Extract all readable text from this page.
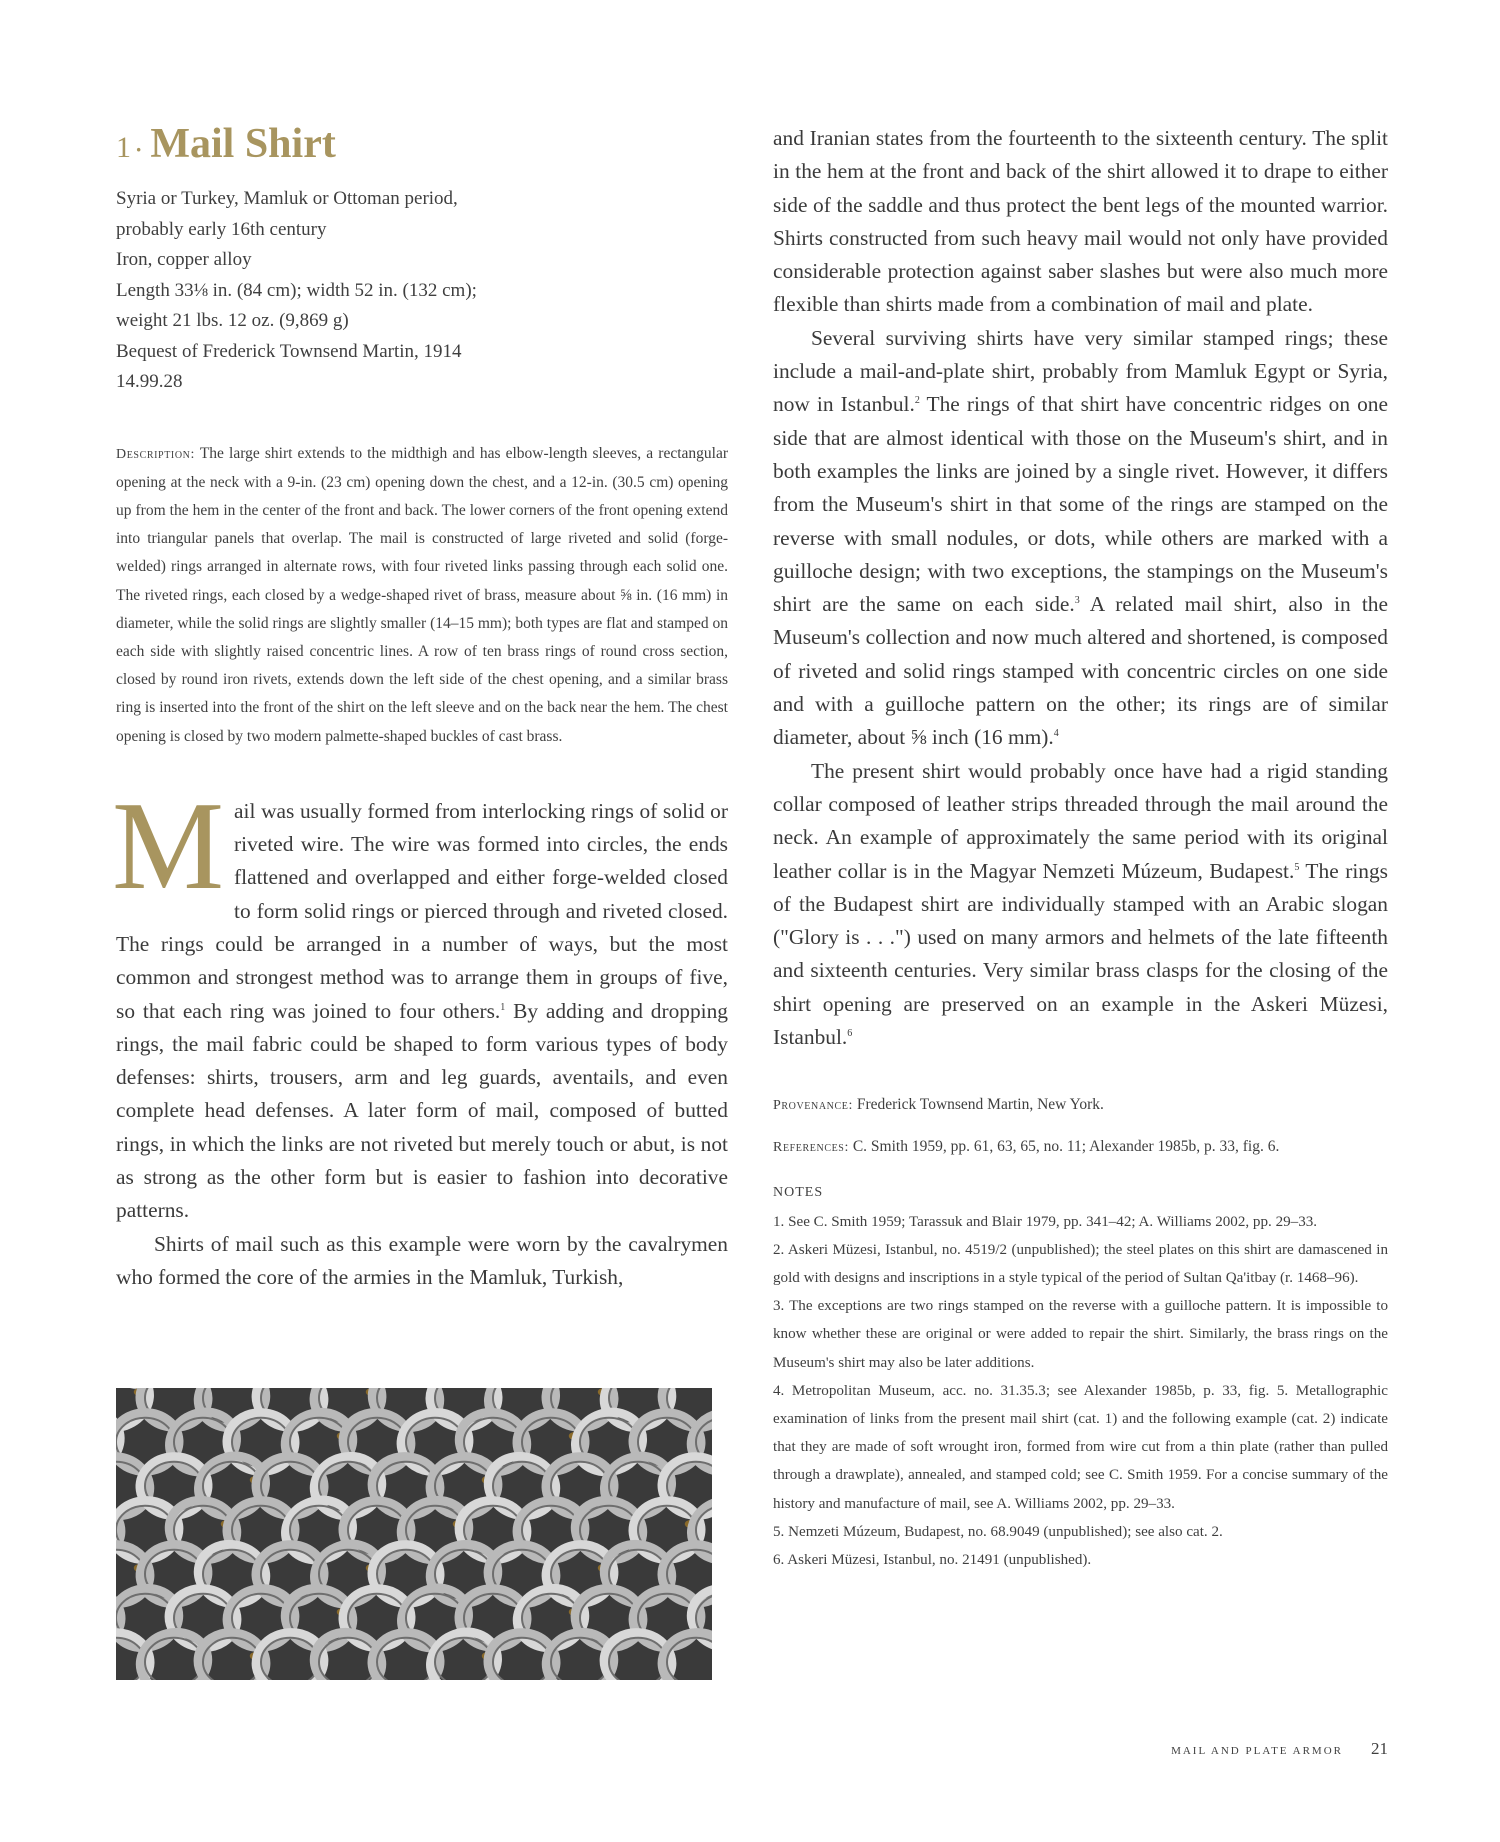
1 · Mail Shirt
Syria or Turkey, Mamluk or Ottoman period,
probably early 16th century
Iron, copper alloy
Length 33⅛ in. (84 cm); width 52 in. (132 cm);
weight 21 lbs. 12 oz. (9,869 g)
Bequest of Frederick Townsend Martin, 1914
14.99.28
Description: The large shirt extends to the midthigh and has elbow-length sleeves, a rectangular opening at the neck with a 9-in. (23 cm) opening down the chest, and a 12-in. (30.5 cm) opening up from the hem in the center of the front and back. The lower corners of the front opening extend into triangular panels that overlap. The mail is constructed of large riveted and solid (forge-welded) rings arranged in alternate rows, with four riveted links passing through each solid one. The riveted rings, each closed by a wedge-shaped rivet of brass, measure about ⅝ in. (16 mm) in diameter, while the solid rings are slightly smaller (14–15 mm); both types are flat and stamped on each side with slightly raised concentric lines. A row of ten brass rings of round cross section, closed by round iron rivets, extends down the left side of the chest opening, and a similar brass ring is inserted into the front of the shirt on the left sleeve and on the back near the hem. The chest opening is closed by two modern palmette-shaped buckles of cast brass.

Mail was usually formed from interlocking rings of solid or riveted wire. The wire was formed into circles, the ends flattened and overlapped and either forge-welded closed to form solid rings or pierced through and riveted closed. The rings could be arranged in a number of ways, but the most common and strongest method was to arrange them in groups of five, so that each ring was joined to four others.$^1$ By adding and dropping rings, the mail fabric could be shaped to form various types of body defenses: shirts, trousers, arm and leg guards, aventails, and even complete head defenses. A later form of mail, composed of butted rings, in which the links are not riveted but merely touch or abut, is not as strong as the other form but is easier to fashion into decorative patterns.

Shirts of mail such as this example were worn by the cavalrymen who formed the core of the armies in the Mamluk, Turkish,

and Iranian states from the fourteenth to the sixteenth century. The split in the hem at the front and back of the shirt allowed it to drape to either side of the saddle and thus protect the bent legs of the mounted warrior. Shirts constructed from such heavy mail would not only have provided considerable protection against saber slashes but were also much more flexible than shirts made from a combination of mail and plate.

Several surviving shirts have very similar stamped rings; these include a mail-and-plate shirt, probably from Mamluk Egypt or Syria, now in Istanbul.$^2$ The rings of that shirt have concentric ridges on one side that are almost identical with those on the Museum's shirt, and in both examples the links are joined by a single rivet. However, it differs from the Museum's shirt in that some of the rings are stamped on the reverse with small nodules, or dots, while others are marked with a guilloche design; with two exceptions, the stampings on the Museum's shirt are the same on each side.$^3$ A related mail shirt, also in the Museum's collection and now much altered and shortened, is composed of riveted and solid rings stamped with concentric circles on one side and with a guilloche pattern on the other; its rings are of similar diameter, about ⅝ inch (16 mm).$^4$

The present shirt would probably once have had a rigid standing collar composed of leather strips threaded through the mail around the neck. An example of approximately the same period with its original leather collar is in the Magyar Nemzeti Múzeum, Budapest.$^5$ The rings of the Budapest shirt are individually stamped with an Arabic slogan ("Glory is . . .") used on many armors and helmets of the late fifteenth and sixteenth centuries. Very similar brass clasps for the closing of the shirt opening are preserved on an example in the Askeri Müzesi, Istanbul.$^6$

Provenance: Frederick Townsend Martin, New York.
References: C. Smith 1959, pp. 61, 63, 65, no. 11; Alexander 1985b, p. 33, fig. 6.
NOTES
1. See C. Smith 1959; Tarassuk and Blair 1979, pp. 341–42; A. Williams 2002, pp. 29–33.
2. Askeri Müzesi, Istanbul, no. 4519/2 (unpublished); the steel plates on this shirt are damascened in gold with designs and inscriptions in a style typical of the period of Sultan Qa'itbay (r. 1468–96).
3. The exceptions are two rings stamped on the reverse with a guilloche pattern. It is impossible to know whether these are original or were added to repair the shirt. Similarly, the brass rings on the Museum's shirt may also be later additions.
4. Metropolitan Museum, acc. no. 31.35.3; see Alexander 1985b, p. 33, fig. 5. Metallographic examination of links from the present mail shirt (cat. 1) and the following example (cat. 2) indicate that they are made of soft wrought iron, formed from wire cut from a thin plate (rather than pulled through a drawplate), annealed, and stamped cold; see C. Smith 1959. For a concise summary of the history and manufacture of mail, see A. Williams 2002, pp. 29–33.
5. Nemzeti Múzeum, Budapest, no. 68.9049 (unpublished); see also cat. 2.
6. Askeri Müzesi, Istanbul, no. 21491 (unpublished).
MAIL AND PLATE ARMOR 21
